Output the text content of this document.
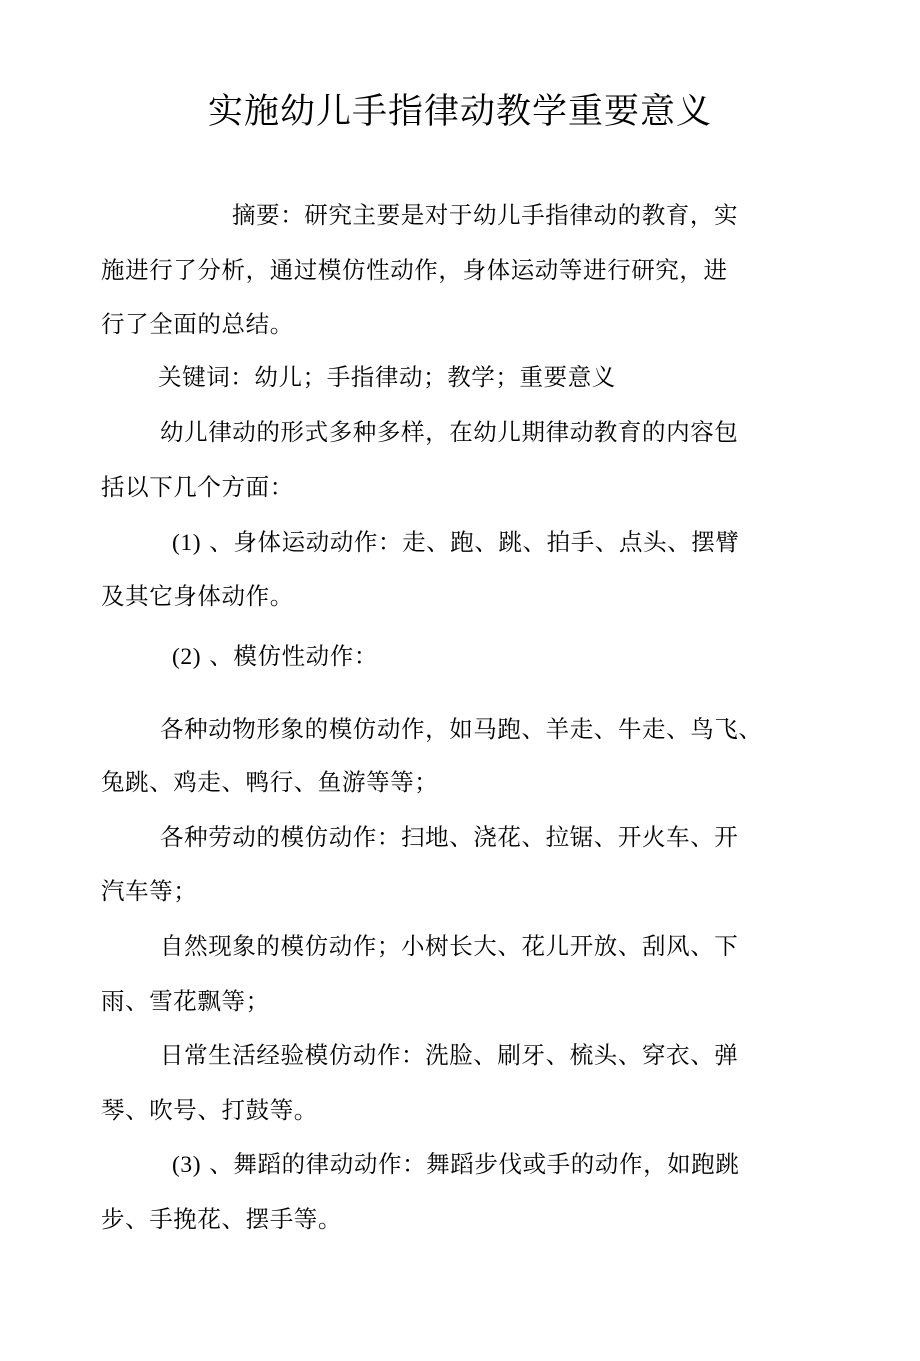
实施幼儿手指律动教学重要意义
摘要：研究主要是对于幼儿手指律动的教育，实
施进行了分析，通过模仿性动作，身体运动等进行研究，进
行了全面的总结。
关键词：幼儿；手指律动；教学；重要意义
幼儿律动的形式多种多样，在幼儿期律动教育的内容包
括以下几个方面：
(1) 、身体运动动作：走、跑、跳、拍手、点头、摆臂
及其它身体动作。
(2) 、模仿性动作：
各种动物形象的模仿动作，如马跑、羊走、牛走、鸟飞、
兔跳、鸡走、鸭行、鱼游等等；
各种劳动的模仿动作：扫地、浇花、拉锯、开火车、开
汽车等；
自然现象的模仿动作；小树长大、花儿开放、刮风、下
雨、雪花飘等；
日常生活经验模仿动作：洗脸、刷牙、梳头、穿衣、弹
琴、吹号、打鼓等。
(3) 、舞蹈的律动动作：舞蹈步伐或手的动作，如跑跳
步、手挽花、摆手等。
